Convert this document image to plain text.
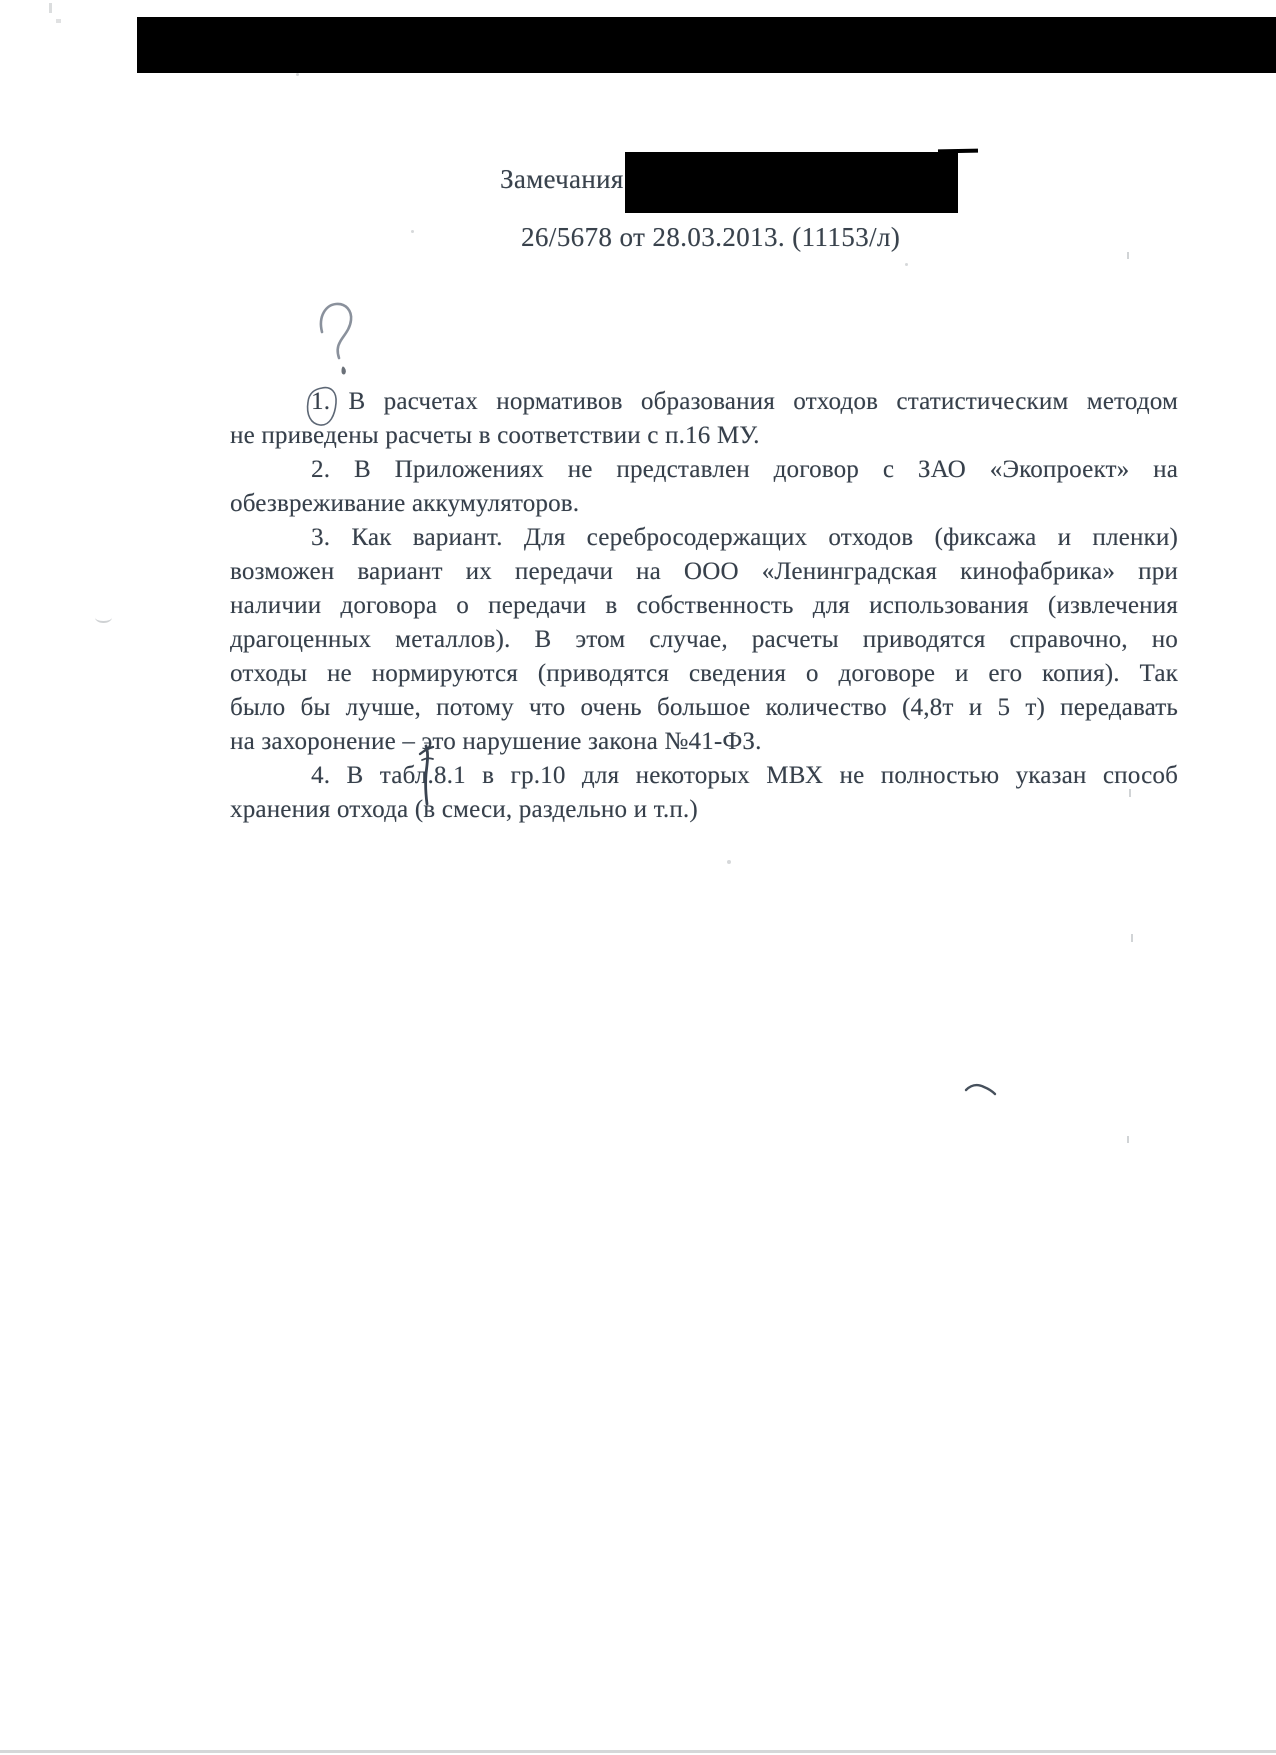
Замечания
26/5678 от 28.03.2013. (11153/л)
1. В расчетах нормативов образования отходов статистическим методом
не приведены расчеты в соответствии с п.16 МУ.
2. В Приложениях не представлен договор с ЗАО «Экопроект» на
обезвреживание аккумуляторов.
3. Как вариант. Для серебросодержащих отходов (фиксажа и пленки)
возможен вариант их передачи на ООО «Ленинградская кинофабрика» при
наличии договора о передачи в собственность для использования (извлечения
драгоценных металлов). В этом случае, расчеты приводятся справочно, но
отходы не нормируются (приводятся сведения о договоре и его копия). Так
было бы лучше, потому что очень большое количество (4,8т и 5 т) передавать
на захоронение – это нарушение закона №41-ФЗ.
4. В табл.8.1 в гр.10 для некоторых МВХ не полностью указан способ
хранения отхода (в смеси, раздельно и т.п.)
